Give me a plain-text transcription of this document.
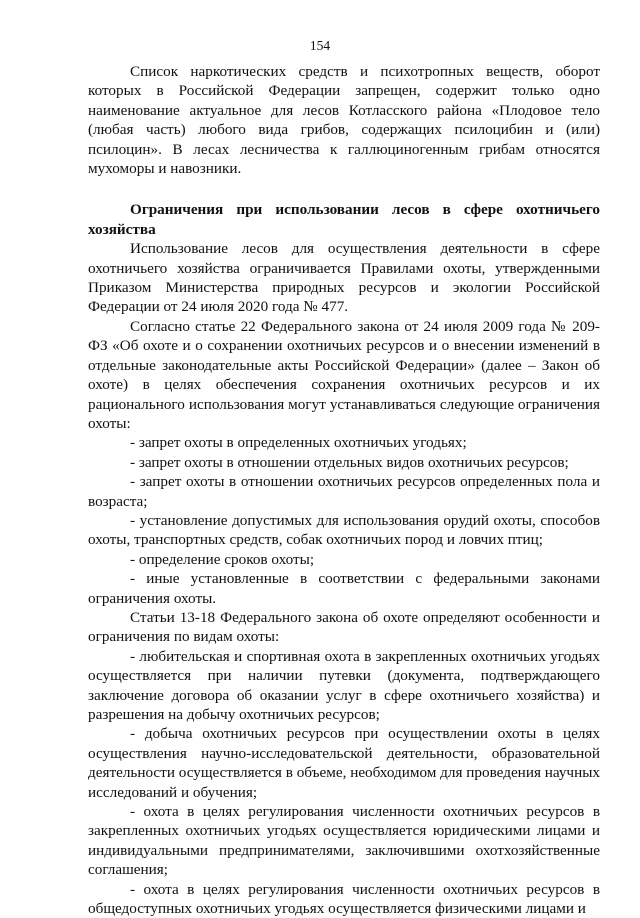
154

Список наркотических средств и психотропных веществ, оборот которых в Российской Федерации запрещен, содержит только одно наименование актуальное для лесов Котласского района «Плодовое тело (любая часть) любого вида грибов, содержащих псилоцибин и (или) псилоцин». В лесах лесничества к галлюциногенным грибам относятся мухоморы и навозники.

Ограничения при использовании лесов в сфере охотничьего хозяйства

Использование лесов для осуществления деятельности в сфере охотничьего хозяйства ограничивается Правилами охоты, утвержденными Приказом Министерства природных ресурсов и экологии Российской Федерации от 24 июля 2020 года № 477.

Согласно статье 22 Федерального закона от 24 июля 2009 года № 209-ФЗ «Об охоте и о сохранении охотничьих ресурсов и о внесении изменений в отдельные законодательные акты Российской Федерации» (далее – Закон об охоте) в целях обеспечения сохранения охотничьих ресурсов и их рационального использования могут устанавливаться следующие ограничения охоты:

- запрет охоты в определенных охотничьих угодьях;

- запрет охоты в отношении отдельных видов охотничьих ресурсов;

- запрет охоты в отношении охотничьих ресурсов определенных пола и возраста;

- установление допустимых для использования орудий охоты, способов охоты, транспортных средств, собак охотничьих пород и ловчих птиц;

- определение сроков охоты;

- иные установленные в соответствии с федеральными законами ограничения охоты.

Статьи 13-18 Федерального закона об охоте определяют особенности и ограничения по видам охоты:

- любительская и спортивная охота в закрепленных охотничьих угодьях осуществляется при наличии путевки (документа, подтверждающего заключение договора об оказании услуг в сфере охотничьего хозяйства) и разрешения на добычу охотничьих ресурсов;

- добыча охотничьих ресурсов при осуществлении охоты в целях осуществления научно-исследовательской деятельности, образовательной деятельности осуществляется в объеме, необходимом для проведения научных исследований и обучения;

- охота в целях регулирования численности охотничьих ресурсов в закрепленных охотничьих угодьях осуществляется юридическими лицами и индивидуальными предпринимателями, заключившими охотхозяйственные соглашения;

- охота в целях регулирования численности охотничьих ресурсов в общедоступных охотничьих угодьях осуществляется физическими лицами и
